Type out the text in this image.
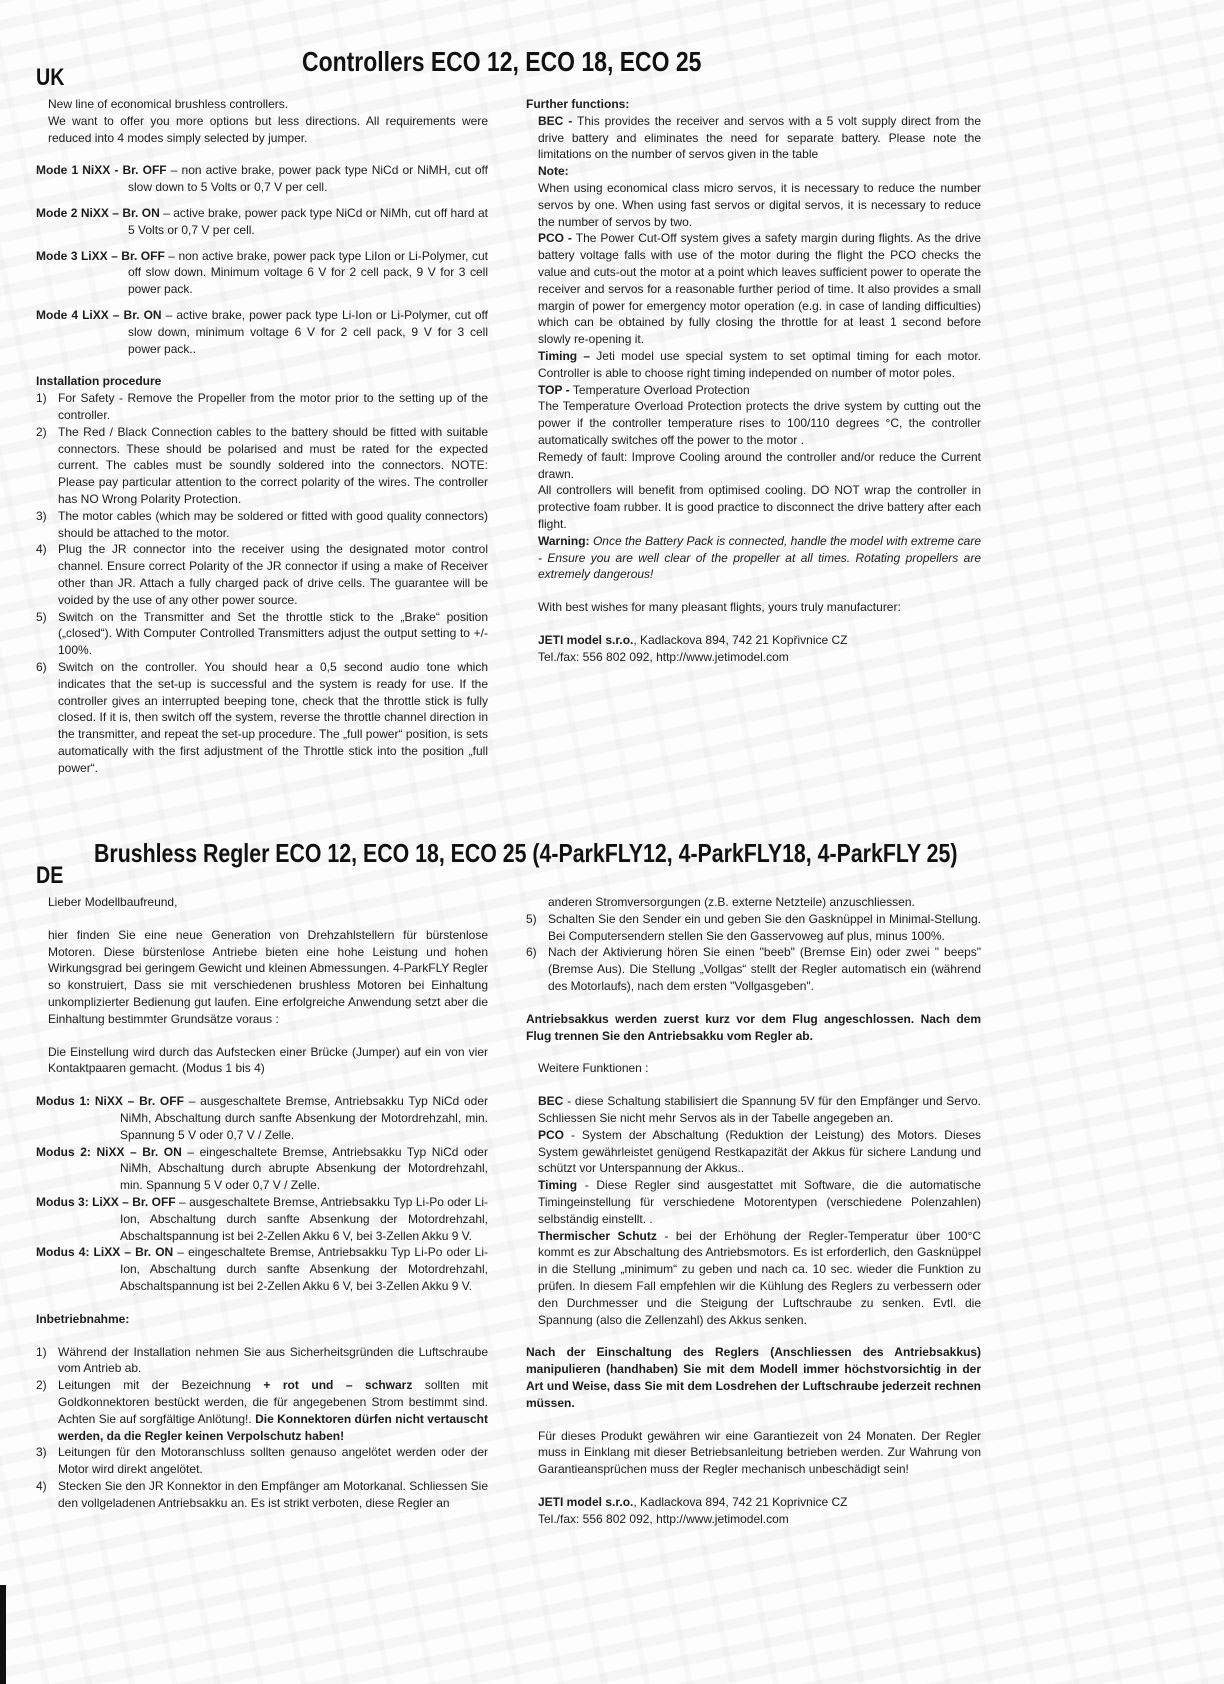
UK
Controllers ECO 12, ECO 18, ECO 25

New line of economical brushless controllers.

We want to offer you more options but less directions. All requirements were reduced into 4 modes simply selected by jumper.

Mode 1 NiXX - Br. OFF – non active brake, power pack type NiCd or NiMH, cut off slow down to 5 Volts or 0,7 V per cell.

Mode 2 NiXX – Br. ON – active brake, power pack type NiCd or NiMh, cut off hard at 5 Volts or 0,7 V per cell.

Mode 3 LiXX – Br. OFF – non active brake, power pack type LiIon or Li-Polymer, cut off slow down. Minimum voltage 6 V for 2 cell pack, 9 V for 3 cell power pack.

Mode 4 LiXX – Br. ON – active brake, power pack type Li-Ion or Li-Polymer, cut off slow down, minimum voltage 6 V for 2 cell pack, 9 V for 3 cell power pack..

Installation procedure

1) For Safety - Remove the Propeller from the motor prior to the setting up of the controller.
2) The Red / Black Connection cables to the battery should be fitted with suitable connectors. These should be polarised and must be rated for the expected current. The cables must be soundly soldered into the connectors. NOTE: Please pay particular attention to the correct polarity of the wires. The controller has NO Wrong Polarity Protection.
3) The motor cables (which may be soldered or fitted with good quality connectors) should be attached to the motor.
4) Plug the JR connector into the receiver using the designated motor control channel. Ensure correct Polarity of the JR connector if using a make of Receiver other than JR. Attach a fully charged pack of drive cells. The guarantee will be voided by the use of any other power source.
5) Switch on the Transmitter and Set the throttle stick to the „Brake“ position („closed“). With Computer Controlled Transmitters adjust the output setting to +/- 100%.
6) Switch on the controller. You should hear a 0,5 second audio tone which indicates that the set-up is successful and the system is ready for use. If the controller gives an interrupted beeping tone, check that the throttle stick is fully closed. If it is, then switch off the system, reverse the throttle channel direction in the transmitter, and repeat the set-up procedure. The „full power“ position, is sets automatically with the first adjustment of the Throttle stick into the position „full power“.

Further functions:

BEC - This provides the receiver and servos with a 5 volt supply direct from the drive battery and eliminates the need for separate battery. Please note the limitations on the number of servos given in the table

Note:

When using economical class micro servos, it is necessary to reduce the number servos by one. When using fast servos or digital servos, it is necessary to reduce the number of servos by two.

PCO - The Power Cut-Off system gives a safety margin during flights. As the drive battery voltage falls with use of the motor during the flight the PCO checks the value and cuts-out the motor at a point which leaves sufficient power to operate the receiver and servos for a reasonable further period of time. It also provides a small margin of power for emergency motor operation (e.g. in case of landing difficulties) which can be obtained by fully closing the throttle for at least 1 second before slowly re-opening it.

Timing – Jeti model use special system to set optimal timing for each motor. Controller is able to choose right timing independed on number of motor poles.

TOP - Temperature Overload Protection

The Temperature Overload Protection protects the drive system by cutting out the power if the controller temperature rises to 100/110 degrees °C, the controller automatically switches off the power to the motor .

Remedy of fault: Improve Cooling around the controller and/or reduce the Current drawn.

All controllers will benefit from optimised cooling. DO NOT wrap the controller in protective foam rubber. It is good practice to disconnect the drive battery after each flight.

Warning: Once the Battery Pack is connected, handle the model with extreme care - Ensure you are well clear of the propeller at all times. Rotating propellers are extremely dangerous!

With best wishes for many pleasant flights, yours truly manufacturer:

JETI model s.r.o., Kadlackova 894, 742 21 Kopřivnice CZ

Tel./fax: 556 802 092, http://www.jetimodel.com

Brushless Regler ECO 12, ECO 18, ECO 25 (4-ParkFLY12, 4-ParkFLY18, 4-ParkFLY 25)
DE

Lieber Modellbaufreund,

hier finden Sie eine neue Generation von Drehzahlstellern für bürstenlose Motoren. Diese bürstenlose Antriebe bieten eine hohe Leistung und hohen Wirkungsgrad bei geringem Gewicht und kleinen Abmessungen. 4-ParkFLY Regler so konstruiert, Dass sie mit verschiedenen brushless Motoren bei Einhaltung unkomplizierter Bedienung gut laufen. Eine erfolgreiche Anwendung setzt aber die Einhaltung bestimmter Grundsätze voraus :

Die Einstellung wird durch das Aufstecken einer Brücke (Jumper) auf ein von vier Kontaktpaaren gemacht. (Modus 1 bis 4)

Modus 1: NiXX – Br. OFF – ausgeschaltete Bremse, Antriebsakku Typ NiCd oder NiMh, Abschaltung durch sanfte Absenkung der Motordrehzahl, min. Spannung 5 V oder 0,7 V / Zelle.

Modus 2: NiXX – Br. ON – eingeschaltete Bremse, Antriebsakku Typ NiCd oder NiMh, Abschaltung durch abrupte Absenkung der Motordrehzahl, min. Spannung 5 V oder 0,7 V / Zelle.

Modus 3: LiXX – Br. OFF – ausgeschaltete Bremse, Antriebsakku Typ Li-Po oder Li-Ion, Abschaltung durch sanfte Absenkung der Motordrehzahl, Abschaltspannung ist bei 2-Zellen Akku 6 V, bei 3-Zellen Akku 9 V.

Modus 4: LiXX – Br. ON – eingeschaltete Bremse, Antriebsakku Typ Li-Po oder Li-Ion, Abschaltung durch sanfte Absenkung der Motordrehzahl, Abschaltspannung ist bei 2-Zellen Akku 6 V, bei 3-Zellen Akku 9 V.

Inbetriebnahme:

1) Während der Installation nehmen Sie aus Sicherheitsgründen die Luftschraube vom Antrieb ab.
2) Leitungen mit der Bezeichnung + rot und – schwarz sollten mit Goldkonnektoren bestückt werden, die für angegebenen Strom bestimmt sind. Achten Sie auf sorgfältige Anlötung!. Die Konnektoren dürfen nicht vertauscht werden, da die Regler keinen Verpolschutz haben!
3) Leitungen für den Motoranschluss sollten genauso angelötet werden oder der Motor wird direkt angelötet.
4) Stecken Sie den JR Konnektor in den Empfänger am Motorkanal. Schliessen Sie den vollgeladenen Antriebsakku an. Es ist strikt verboten, diese Regler an
anderen Stromversorgungen (z.B. externe Netzteile) anzuschliessen.
5) Schalten Sie den Sender ein und geben Sie den Gasknüppel in Minimal-Stellung. Bei Computersendern stellen Sie den Gasservoweg auf plus, minus 100%.
6) Nach der Aktivierung hören Sie einen "beeb" (Bremse Ein) oder zwei " beeps" (Bremse Aus). Die Stellung „Vollgas“ stellt der Regler automatisch ein (während des Motorlaufs), nach dem ersten "Vollgasgeben".

Antriebsakkus werden zuerst kurz vor dem Flug angeschlossen. Nach dem Flug trennen Sie den Antriebsakku vom Regler ab.

Weitere Funktionen :

BEC - diese Schaltung stabilisiert die Spannung 5V für den Empfänger und Servo. Schliessen Sie nicht mehr Servos als in der Tabelle angegeben an.

PCO - System der Abschaltung (Reduktion der Leistung) des Motors. Dieses System gewährleistet genügend Restkapazität der Akkus für sichere Landung und schützt vor Unterspannung der Akkus..

Timing - Diese Regler sind ausgestattet mit Software, die die automatische Timingeinstellung für verschiedene Motorentypen (verschiedene Polenzahlen) selbständig einstellt. .

Thermischer Schutz - bei der Erhöhung der Regler-Temperatur über 100°C kommt es zur Abschaltung des Antriebsmotors. Es ist erforderlich, den Gasknüppel in die Stellung „minimum“ zu geben und nach ca. 10 sec. wieder die Funktion zu prüfen. In diesem Fall empfehlen wir die Kühlung des Reglers zu verbessern oder den Durchmesser und die Steigung der Luftschraube zu senken. Evtl. die Spannung (also die Zellenzahl) des Akkus senken.

Nach der Einschaltung des Reglers (Anschliessen des Antriebsakkus) manipulieren (handhaben) Sie mit dem Modell immer höchstvorsichtig in der Art und Weise, dass Sie mit dem Losdrehen der Luftschraube jederzeit rechnen müssen.

Für dieses Produkt gewähren wir eine Garantiezeit von 24 Monaten. Der Regler muss in Einklang mit dieser Betriebsanleitung betrieben werden. Zur Wahrung von Garantieansprüchen muss der Regler mechanisch unbeschädigt sein!

JETI model s.r.o., Kadlackova 894, 742 21 Koprivnice CZ

Tel./fax: 556 802 092, http://www.jetimodel.com
